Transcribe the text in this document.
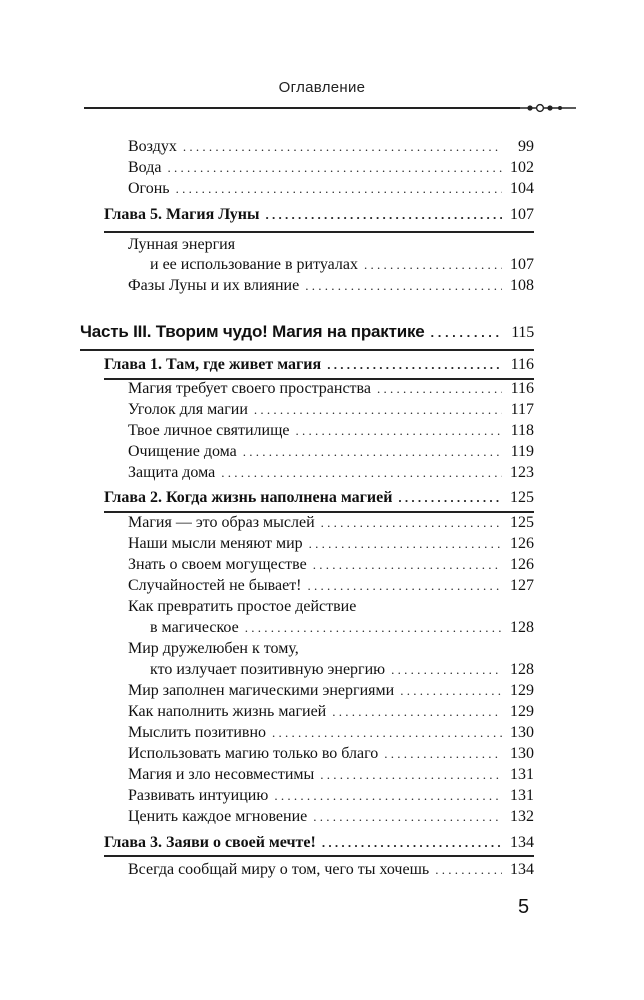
Оглавление
Воздух . . .	99
Вода . . .	102
Огонь . . .	104
Глава 5. Магия Луны . . .	107
Лунная энергия
и ее использование в ритуалах . . .	107
Фазы Луны и их влияние . . .	108
Часть III. Творим чудо! Магия на практике . . .	115
Глава 1. Там, где живет магия . . .	116
Магия требует своего пространства . . .	116
Уголок для магии . . .	117
Твое личное святилище . . .	118
Очищение дома . . .	119
Защита дома . . .	123
Глава 2. Когда жизнь наполнена магией . . .	125
Магия — это образ мыслей . . .	125
Наши мысли меняют мир . . .	126
Знать о своем могуществе . . .	126
Случайностей не бывает! . . .	127
Как превратить простое действие
в магическое . . .	128
Мир дружелюбен к тому,
кто излучает позитивную энергию . . .	128
Мир заполнен магическими энергиями . . .	129
Как наполнить жизнь магией . . .	129
Мыслить позитивно . . .	130
Использовать магию только во благо . . .	130
Магия и зло несовместимы . . .	131
Развивать интуицию . . .	131
Ценить каждое мгновение . . .	132
Глава 3. Заяви о своей мечте! . . .	134
Всегда сообщай миру о том, чего ты хочешь . . .	134
5
